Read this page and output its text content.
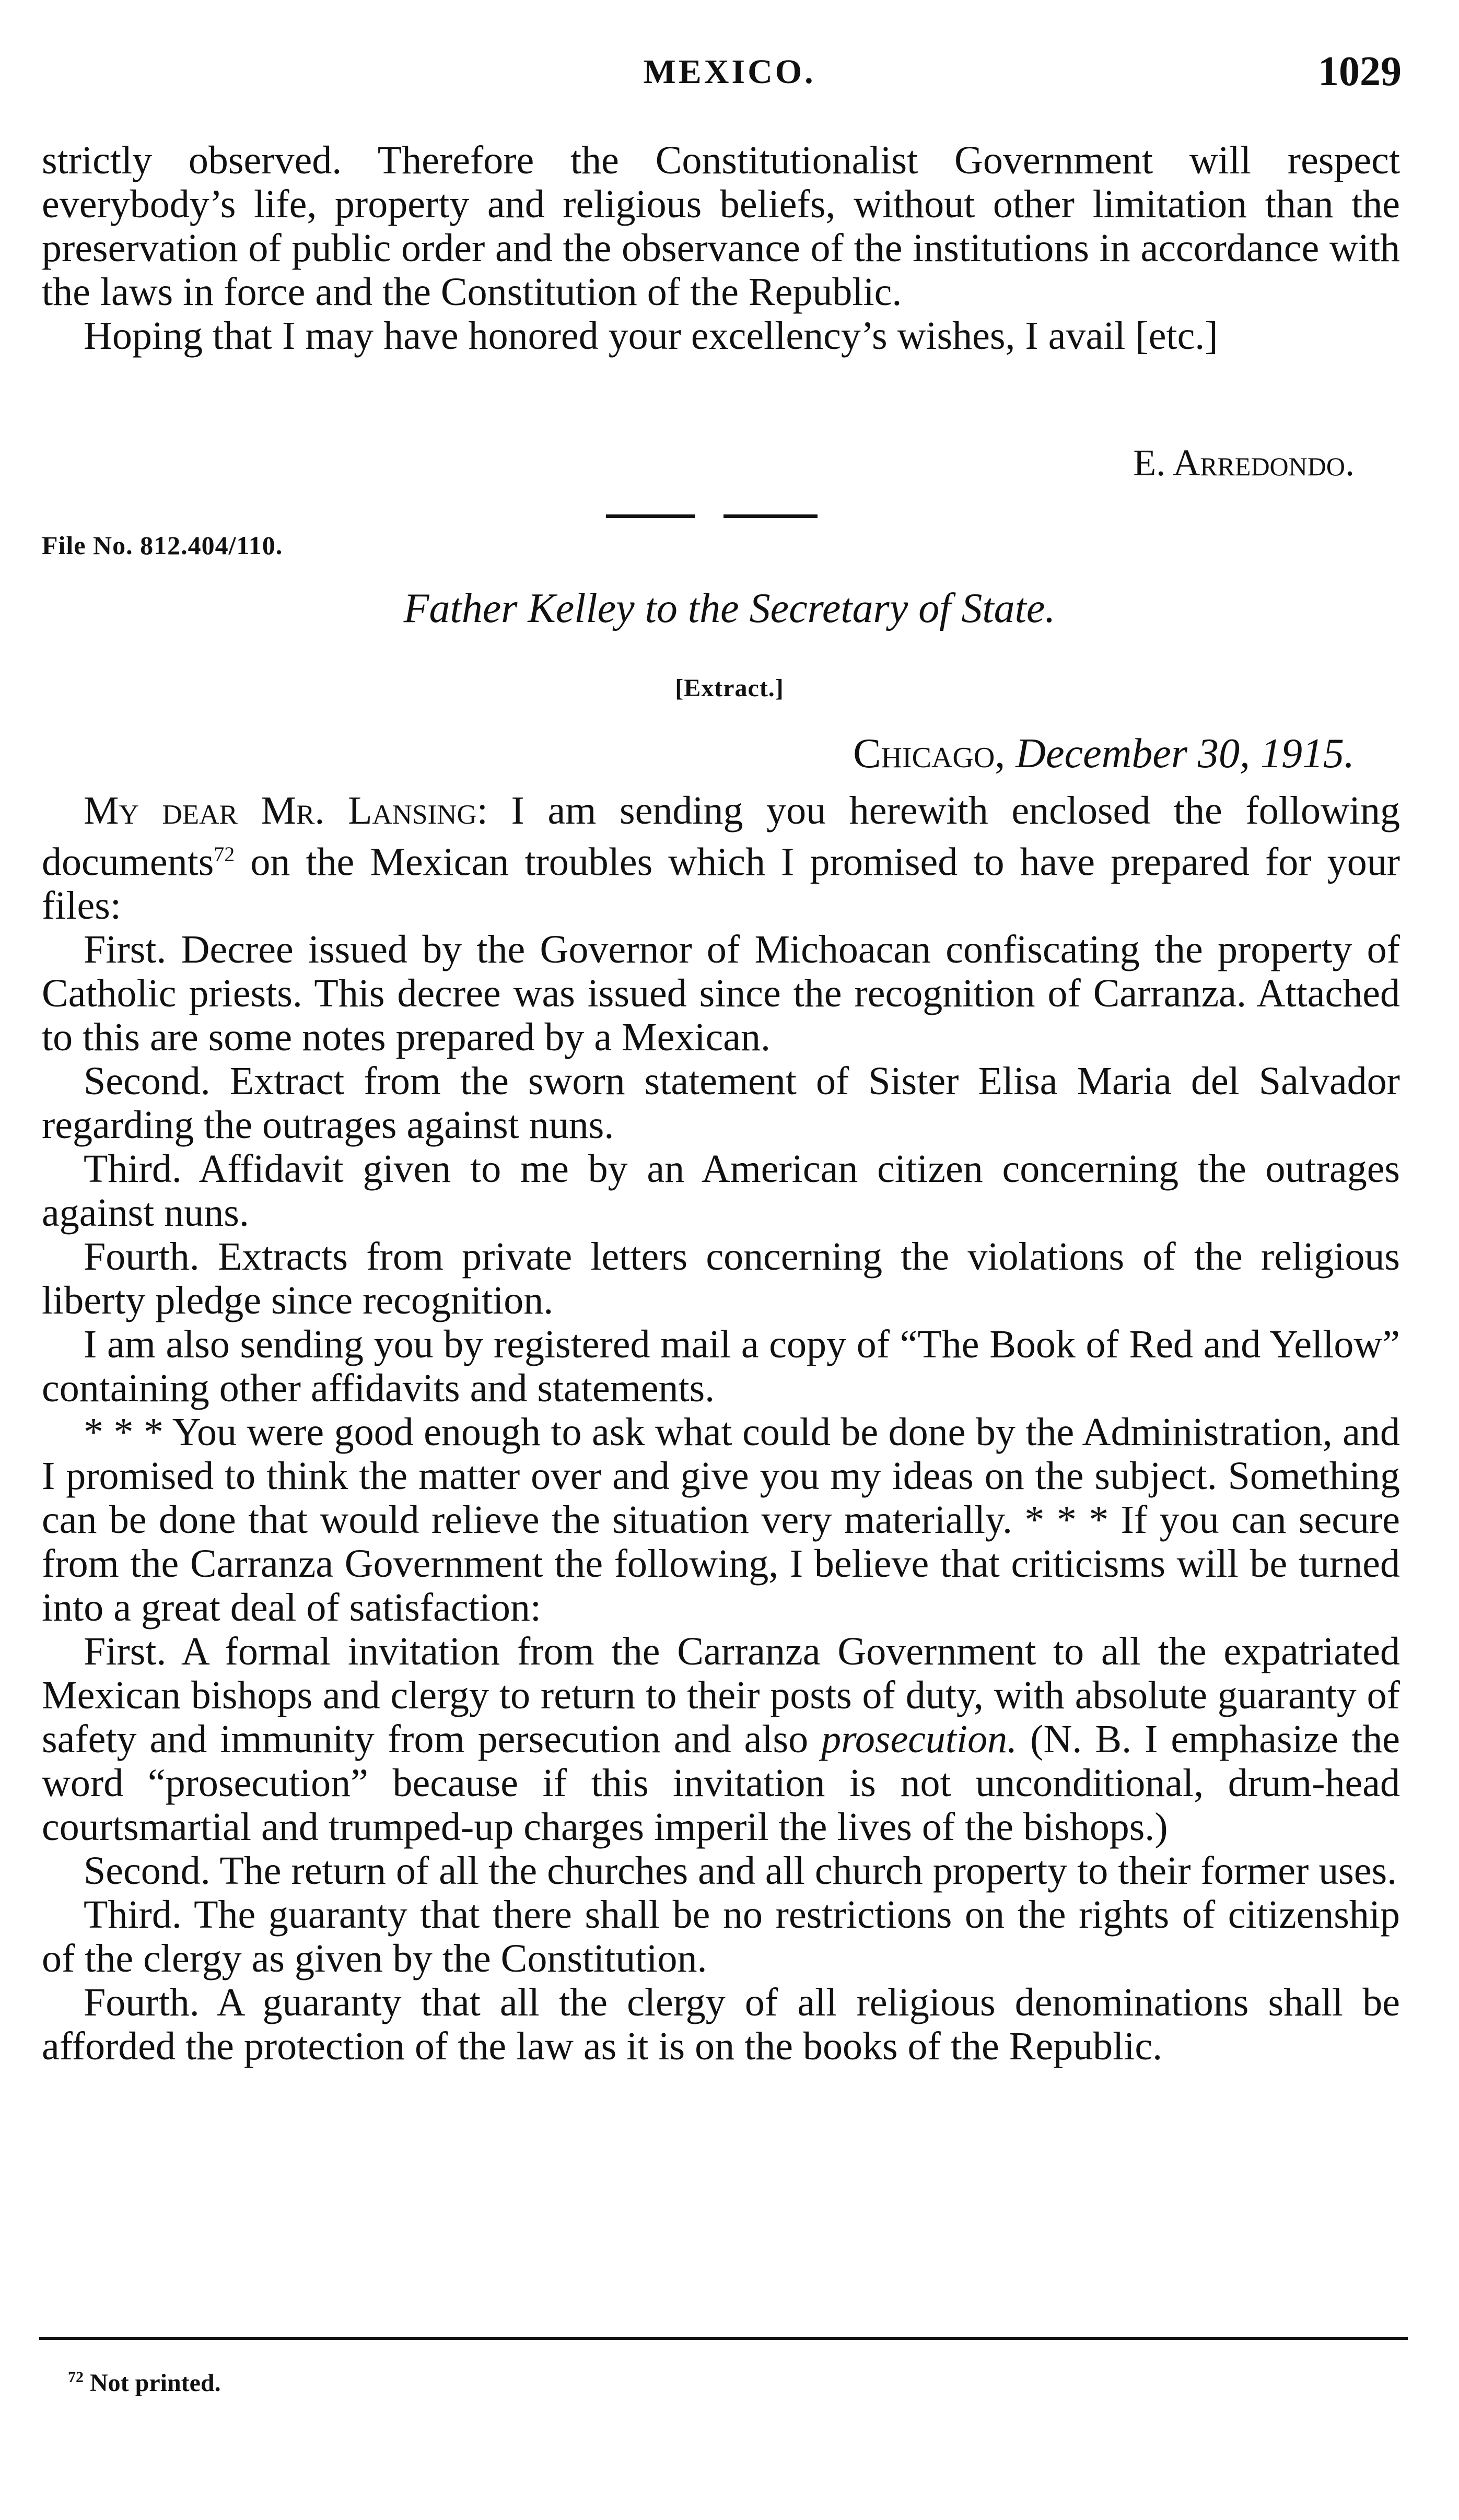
MEXICO.	1029

strictly observed. Therefore the Constitutionalist Government will respect everybody’s life, property and religious beliefs, without other limitation than the preservation of public order and the observance of the institutions in accordance with the laws in force and the Constitution of the Republic.

Hoping that I may have honored your excellency’s wishes, I avail [etc.]

E. Arredondo.
File No. 812.404/110.
Father Kelley to the Secretary of State.
[Extract.]
Chicago, December 30, 1915.

My dear Mr. Lansing: I am sending you herewith enclosed the following documents$^{72}$ on the Mexican troubles which I promised to have prepared for your files:

First. Decree issued by the Governor of Michoacan confiscating the property of Catholic priests. This decree was issued since the recognition of Carranza. Attached to this are some notes prepared by a Mexican.

Second. Extract from the sworn statement of Sister Elisa Maria del Salvador regarding the outrages against nuns.

Third. Affidavit given to me by an American citizen concerning the outrages against nuns.

Fourth. Extracts from private letters concerning the violations of the religious liberty pledge since recognition.

I am also sending you by registered mail a copy of “The Book of Red and Yellow” containing other affidavits and statements.

* * * You were good enough to ask what could be done by the Administration, and I promised to think the matter over and give you my ideas on the subject. Something can be done that would relieve the situation very materially. * * * If you can secure from the Carranza Government the following, I believe that criticisms will be turned into a great deal of satisfaction:

First. A formal invitation from the Carranza Government to all the expatriated Mexican bishops and clergy to return to their posts of duty, with absolute guaranty of safety and immunity from persecution and also prosecution. (N. B. I emphasize the word “prosecution” because if this invitation is not unconditional, drum-head courtsmartial and trumped-up charges imperil the lives of the bishops.)

Second. The return of all the churches and all church property to their former uses.

Third. The guaranty that there shall be no restrictions on the rights of citizenship of the clergy as given by the Constitution.

Fourth. A guaranty that all the clergy of all religious denominations shall be afforded the protection of the law as it is on the books of the Republic.

$^{72}$ Not printed.
